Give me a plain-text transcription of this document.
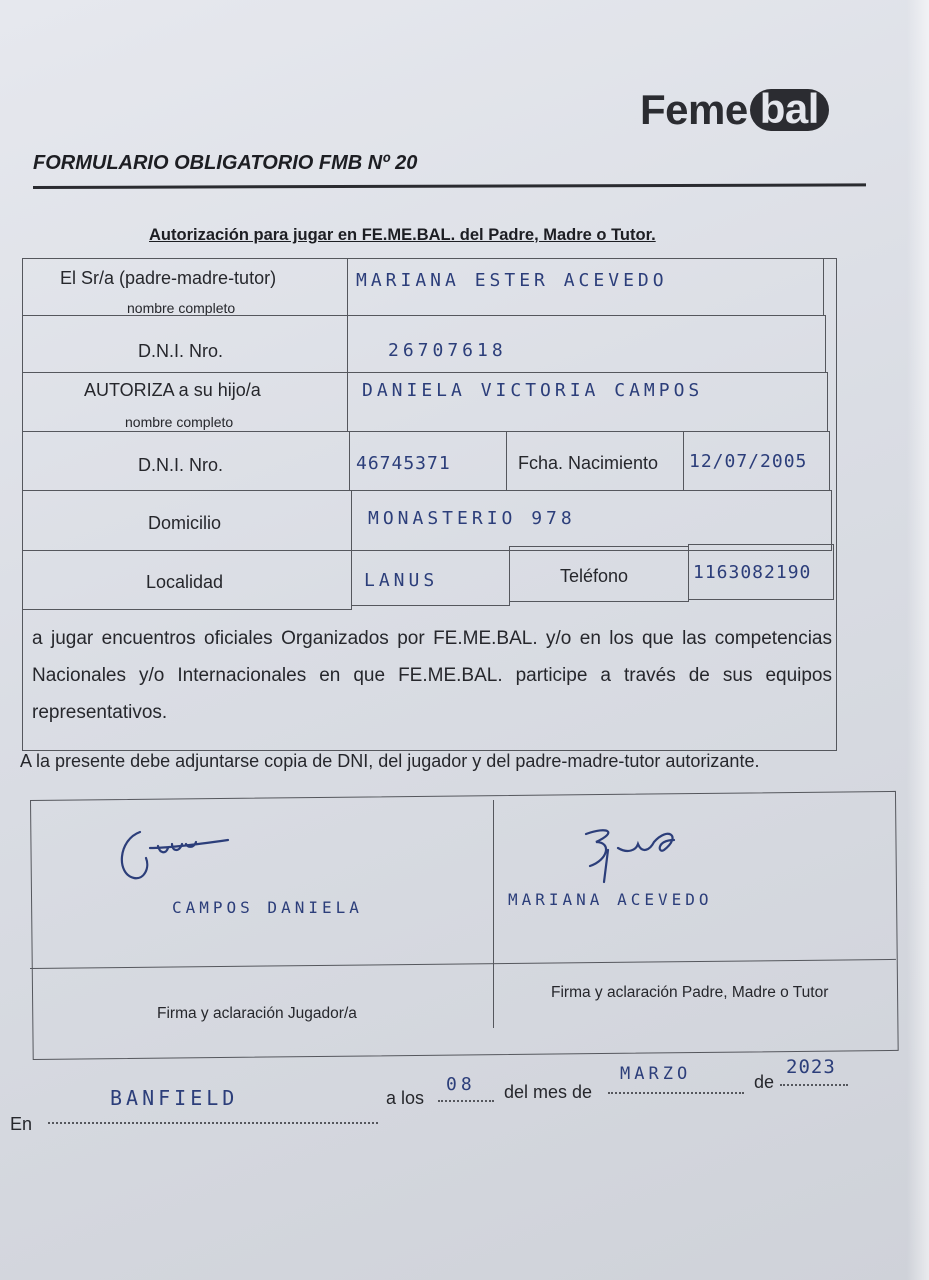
Feme bal
FORMULARIO OBLIGATORIO FMB Nº 20
Autorización para jugar en FE.ME.BAL. del Padre, Madre o Tutor.
El Sr/a (padre-madre-tutor)
nombre completo
MARIANA ESTER ACEVEDO
D.N.I. Nro.	26707618
AUTORIZA a su hijo/a
nombre completo
DANIELA VICTORIA CAMPOS
D.N.I. Nro.	46745371	Fcha. Nacimiento 12/07/2005
Domicilio	MONASTERIO 978
Localidad	LANUS	Teléfono	1163082190
a jugar encuentros oficiales Organizados por FE.ME.BAL. y/o en los que las competencias Nacionales y/o Internacionales en que FE.ME.BAL. participe a través de sus equipos representativos.
A la presente debe adjuntarse copia de DNI, del jugador y del padre-madre-tutor autorizante.
CAMPOS DANIELA	MARIANA ACEVEDO
Firma y aclaración Jugador/a
Firma y aclaración Padre, Madre o Tutor
En
BANFIELD	a los
08 del mes de
MARZO	de
2023
